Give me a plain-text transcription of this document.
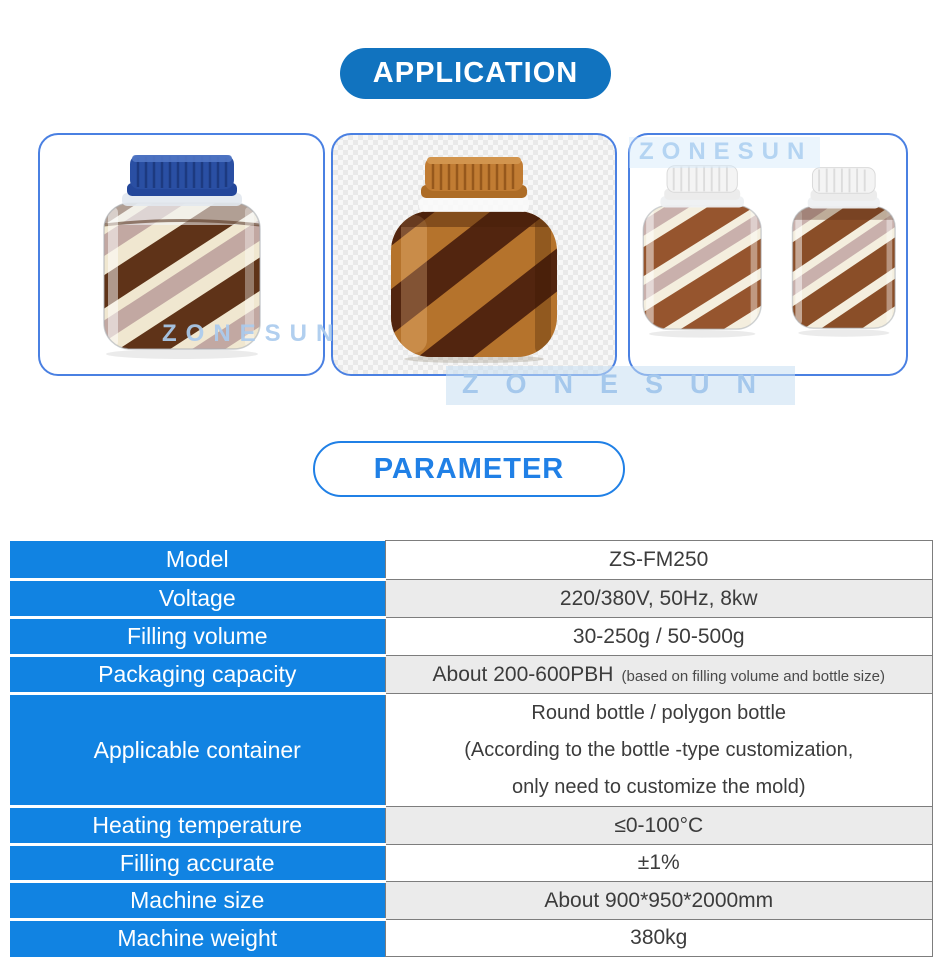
APPLICATION
ZONESUN
ZONESUN
ZONESUN
PARAMETER
Model	ZS-FM250
Voltage	220/380V, 50Hz, 8kw
Filling volume	30-250g / 50-500g
Packaging capacity	About 200-600PBH (based on filling volume and bottle size)
Applicable container	Round bottle / polygon bottle
(According to the bottle -type customization,
only need to customize the mold)

Heating temperature	≤0-100°C
Filling accurate	±1%
Machine size	About 900*950*2000mm
Machine weight	380kg
